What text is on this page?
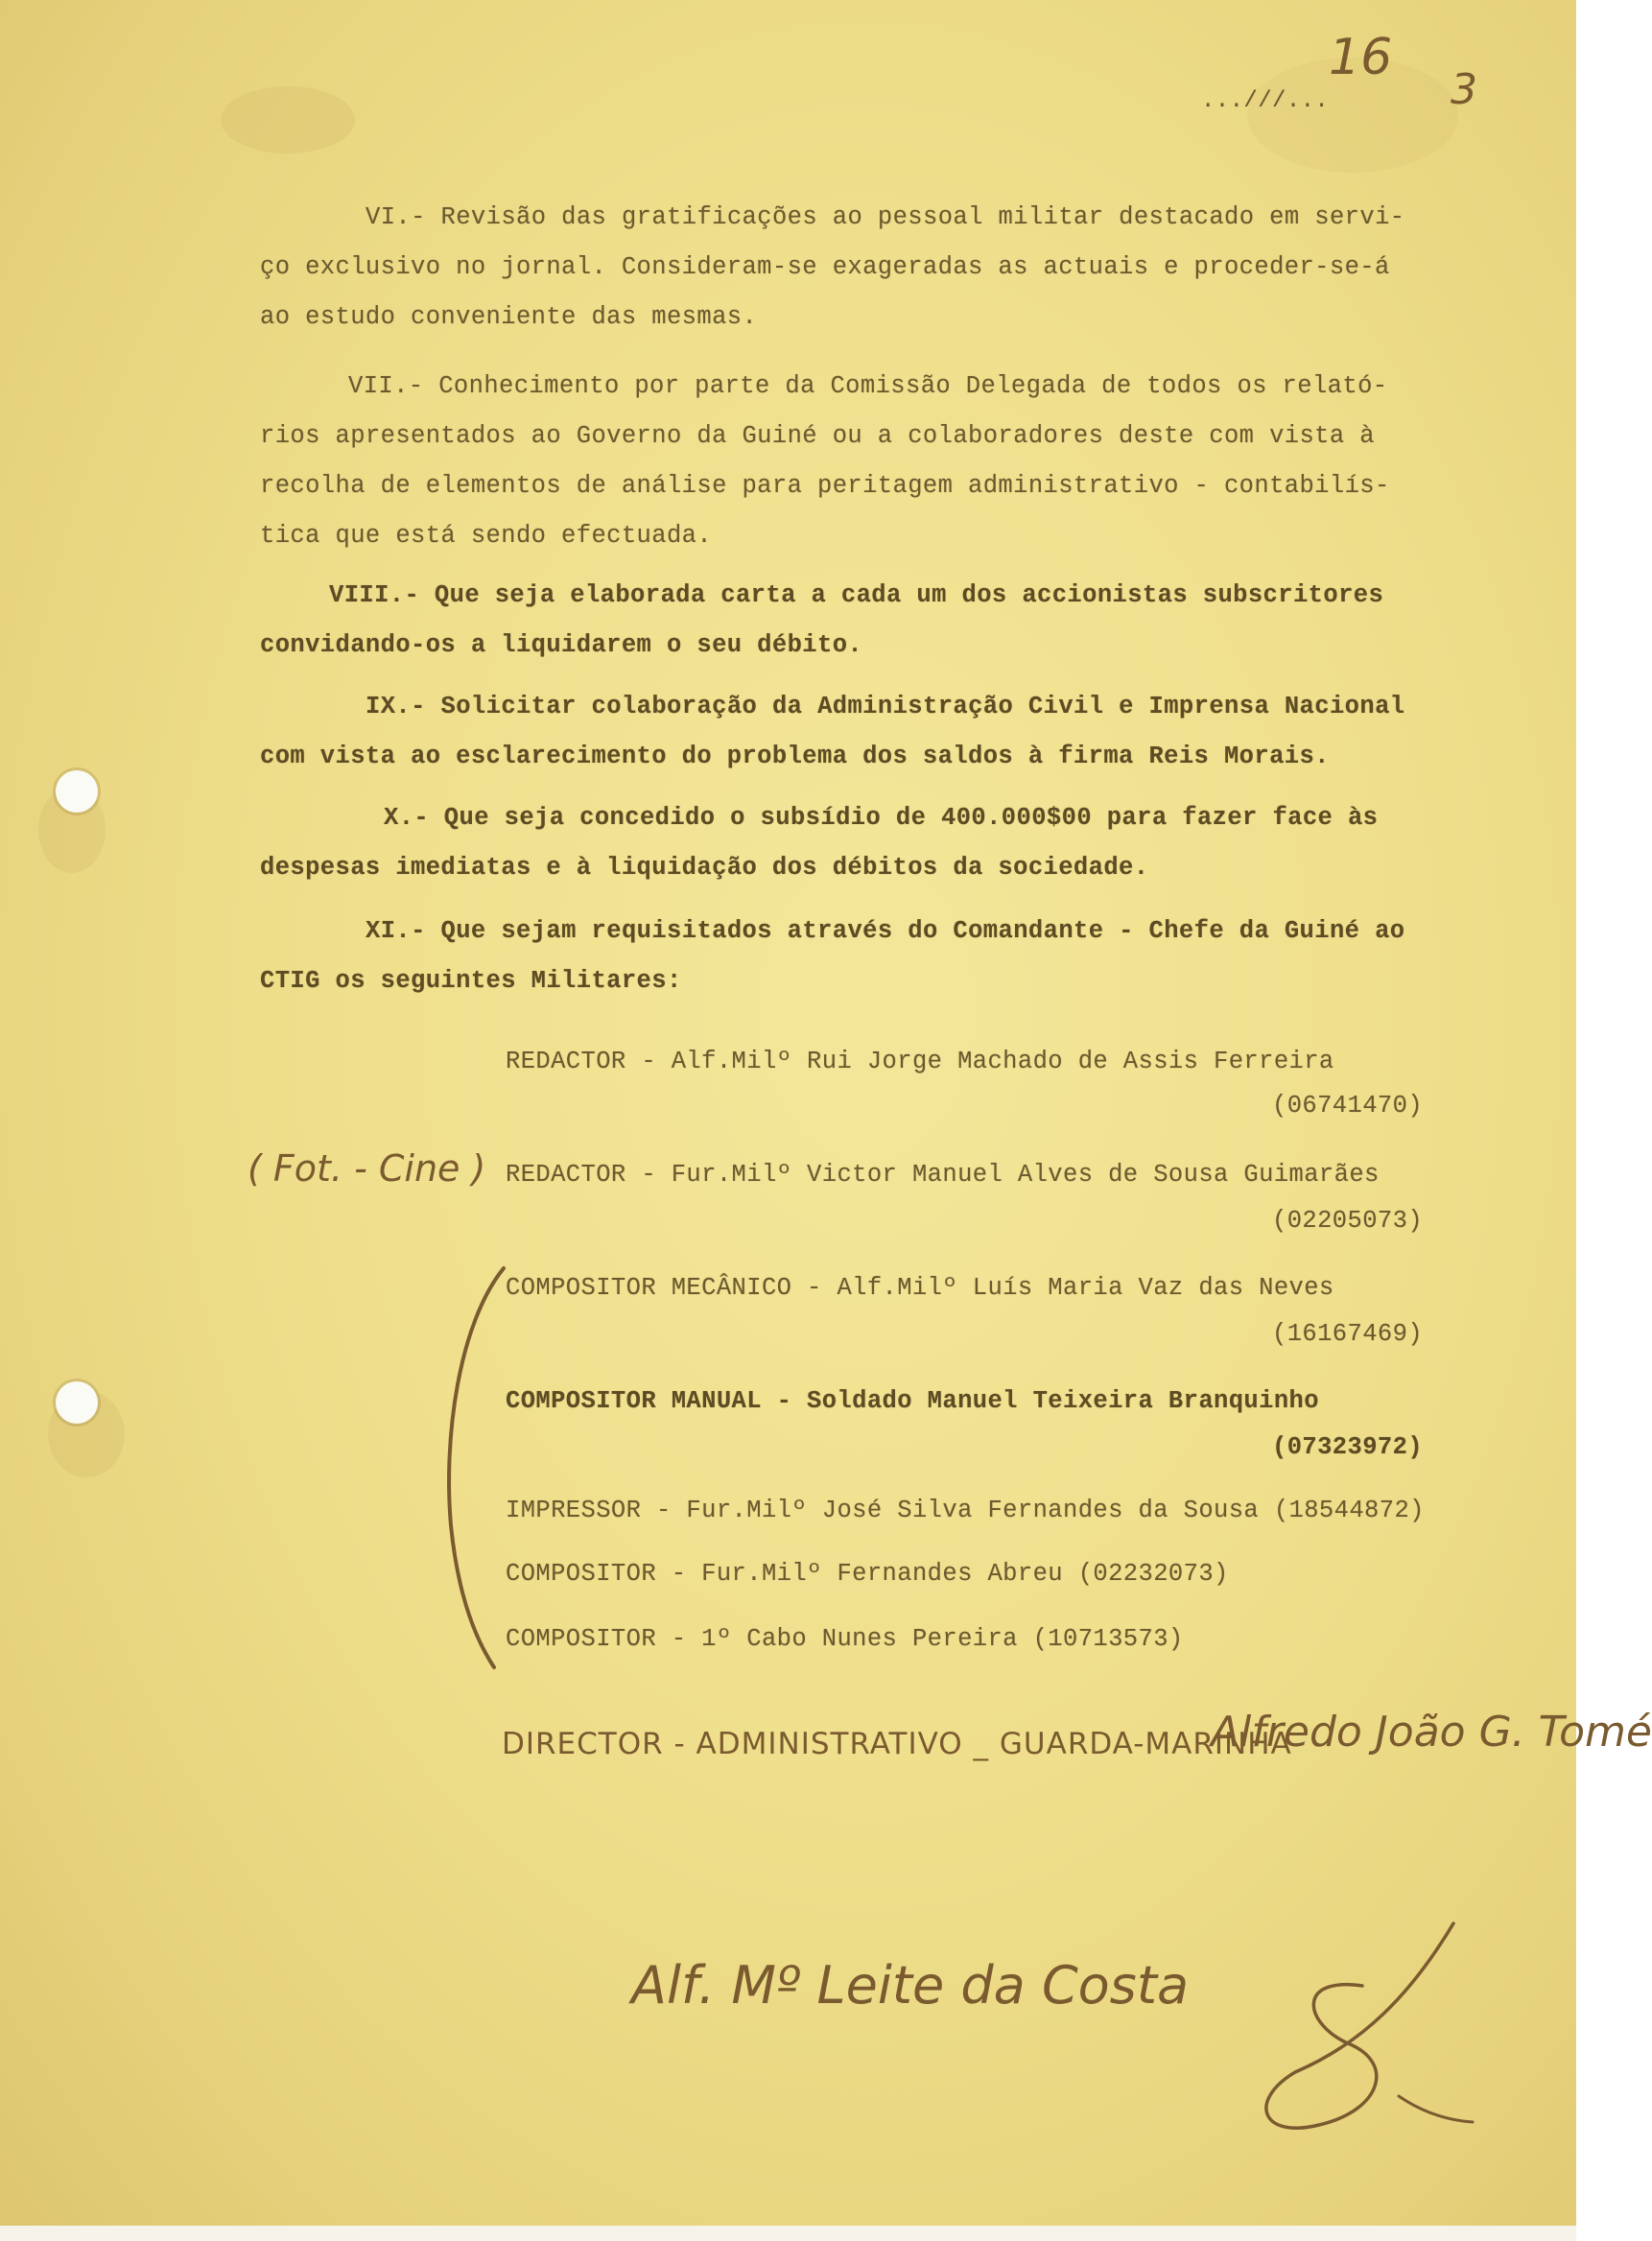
...///...
16
3
VI.- Revisão das gratificações ao pessoal militar destacado em servi-
ço exclusivo no jornal. Consideram-se exageradas as actuais e proceder-se-á
ao estudo conveniente das mesmas.
VII.- Conhecimento por parte da Comissão Delegada de todos os relató-
rios apresentados ao Governo da Guiné ou a colaboradores deste com vista à
recolha de elementos de análise para peritagem administrativo - contabilís-
tica que está sendo efectuada.
VIII.- Que seja elaborada carta a cada um dos accionistas subscritores
convidando-os a liquidarem o seu débito.
IX.- Solicitar colaboração da Administração Civil e Imprensa Nacional
com vista ao esclarecimento do problema dos saldos à firma Reis Morais.
X.- Que seja concedido o subsídio de 400.000$00 para fazer face às
despesas imediatas e à liquidação dos débitos da sociedade.
XI.- Que sejam requisitados através do Comandante - Chefe da Guiné ao
CTIG os seguintes Militares:
REDACTOR - Alf.Milº Rui Jorge Machado de Assis Ferreira
(06741470)
REDACTOR - Fur.Milº Victor Manuel Alves de Sousa Guimarães
(02205073)
COMPOSITOR MECÂNICO - Alf.Milº Luís Maria Vaz das Neves
(16167469)
COMPOSITOR MANUAL - Soldado Manuel Teixeira Branquinho
(07323972)
IMPRESSOR - Fur.Milº José Silva Fernandes da Sousa (18544872)
COMPOSITOR - Fur.Milº Fernandes Abreu (02232073)
COMPOSITOR - 1º Cabo Nunes Pereira (10713573)
( Fot. - Cine )
DIRECTOR - ADMINISTRATIVO _ GUARDA-MARINHA
Alfredo João G. Tomé
Alf. Mº Leite da Costa
